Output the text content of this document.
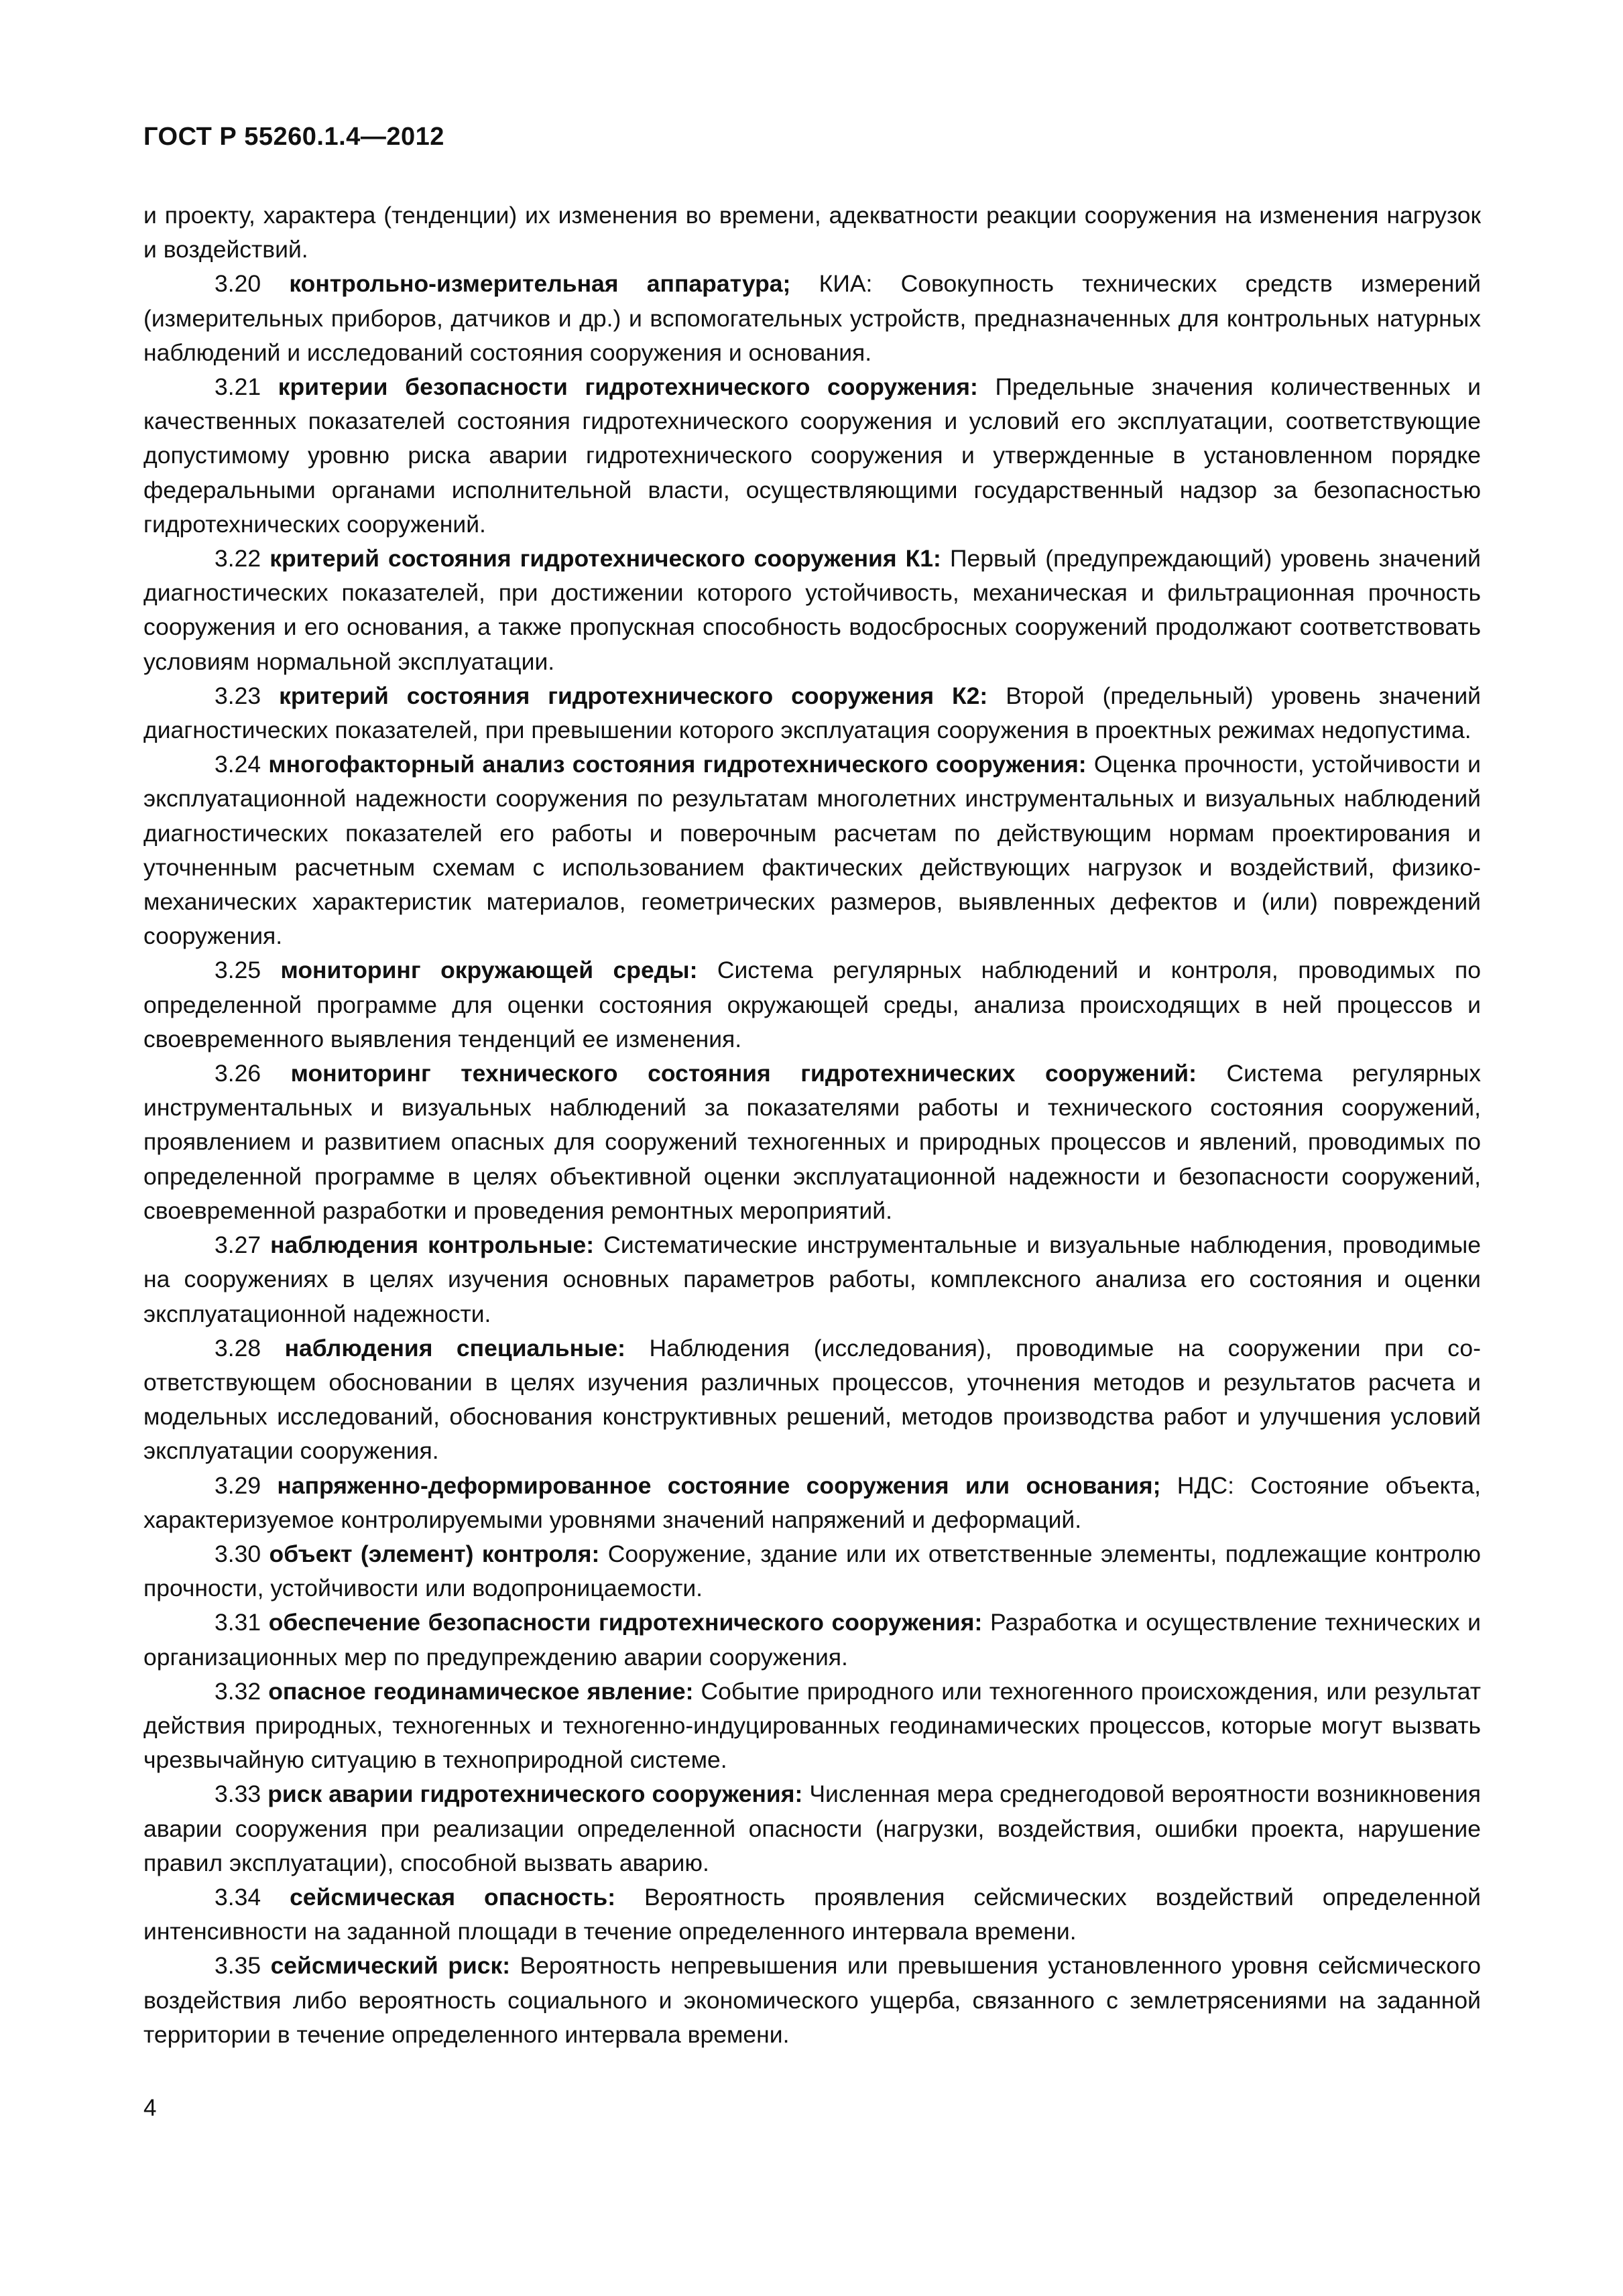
ГОСТ Р 55260.1.4—2012

и проекту, характера (тенденции) их изменения во времени, адекватности реакции сооружения на изменения нагрузок и воздействий.

3.20 контрольно-измерительная аппаратура; КИА: Совокупность технических средств измерений (измерительных приборов, датчиков и др.) и вспомогательных устройств, предназначенных для контрольных натурных наблюдений и исследований состояния сооружения и основания.

3.21 критерии безопасности гидротехнического сооружения: Предельные значения количественных и качественных показателей состояния гидротехнического сооружения и условий его эксплуатации, соответствующие допустимому уровню риска аварии гидротехнического сооружения и утвержденные в установленном порядке федеральными органами исполнительной власти, осуществляющими государственный надзор за безопасностью гидротехнических сооружений.

3.22 критерий состояния гидротехнического сооружения К1: Первый (предупреждающий) уровень значений диагностических показателей, при достижении которого устойчивость, механическая и фильтрационная прочность сооружения и его основания, а также пропускная способность водосбросных сооружений продолжают соответствовать условиям нормальной эксплуатации.

3.23 критерий состояния гидротехнического сооружения К2: Второй (предельный) уровень значений диагностических показателей, при превышении которого эксплуатация сооружения в проектных режимах недопустима.

3.24 многофакторный анализ состояния гидротехнического сооружения: Оценка прочности, устойчивости и эксплуатационной надежности сооружения по результатам многолетних инструментальных и визуальных наблюдений диагностических показателей его работы и поверочным расчетам по действующим нормам проектирования и уточненным расчетным схемам с использованием фактических действующих нагрузок и воздействий, физико-механических характеристик материалов, геометрических размеров, выявленных дефектов и (или) повреждений сооружения.

3.25 мониторинг окружающей среды: Система регулярных наблюдений и контроля, проводимых по определенной программе для оценки состояния окружающей среды, анализа происходящих в ней процессов и своевременного выявления тенденций ее изменения.

3.26 мониторинг технического состояния гидротехнических сооружений: Система регулярных инструментальных и визуальных наблюдений за показателями работы и технического состояния сооружений, проявлением и развитием опасных для сооружений техногенных и природных процессов и явлений, проводимых по определенной программе в целях объективной оценки эксплуатационной надежности и безопасности сооружений, своевременной разработки и проведения ремонтных мероприятий.

3.27 наблюдения контрольные: Систематические инструментальные и визуальные наблюдения, проводимые на сооружениях в целях изучения основных параметров работы, комплексного анализа его состояния и оценки эксплуатационной надежности.

3.28 наблюдения специальные: Наблюдения (исследования), проводимые на сооружении при соответствующем обосновании в целях изучения различных процессов, уточнения методов и результатов расчета и модельных исследований, обоснования конструктивных решений, методов производства работ и улучшения условий эксплуатации сооружения.

3.29 напряженно-деформированное состояние сооружения или основания; НДС: Состояние объекта, характеризуемое контролируемыми уровнями значений напряжений и деформаций.

3.30 объект (элемент) контроля: Сооружение, здание или их ответственные элементы, подлежащие контролю прочности, устойчивости или водопроницаемости.

3.31 обеспечение безопасности гидротехнического сооружения: Разработка и осуществление технических и организационных мер по предупреждению аварии сооружения.

3.32 опасное геодинамическое явление: Событие природного или техногенного происхождения, или результат действия природных, техногенных и техногенно-индуцированных геодинамических процессов, которые могут вызвать чрезвычайную ситуацию в технoприродной системе.

3.33 риск аварии гидротехнического сооружения: Численная мера среднегодовой вероятности возникновения аварии сооружения при реализации определенной опасности (нагрузки, воздействия, ошибки проекта, нарушение правил эксплуатации), способной вызвать аварию.

3.34 сейсмическая опасность: Вероятность проявления сейсмических воздействий определенной интенсивности на заданной площади в течение определенного интервала времени.

3.35 сейсмический риск: Вероятность непревышения или превышения установленного уровня сейсмического воздействия либо вероятность социального и экономического ущерба, связанного с землетрясениями на заданной территории в течение определенного интервала времени.

4
